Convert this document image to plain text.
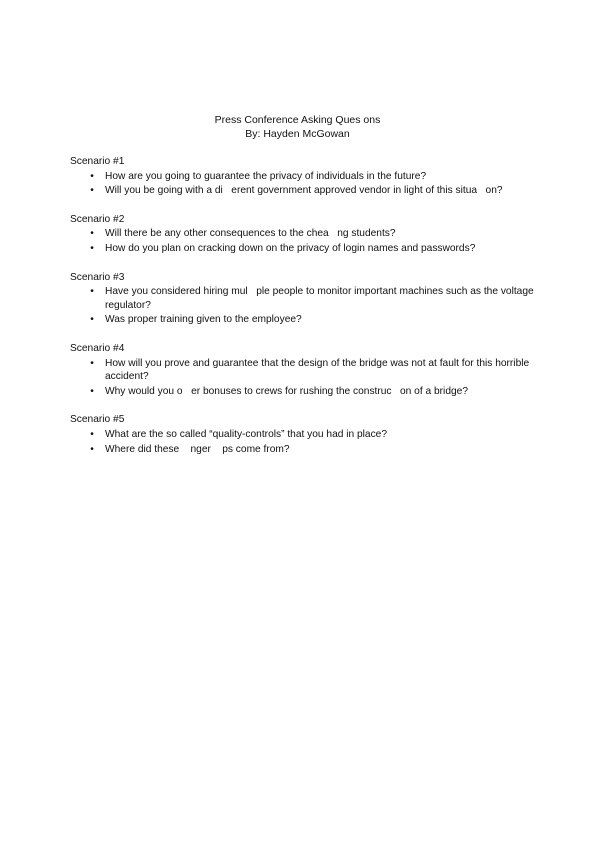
Press Conference Asking Ques ons
By: Hayden McGowan
Scenario #1
• How are you going to guarantee the privacy of individuals in the future?
• Will you be going with a di   erent government approved vendor in light of this situa   on?
Scenario #2
• Will there be any other consequences to the chea   ng students?
• How do you plan on cracking down on the privacy of login names and passwords?
Scenario #3
• Have you considered hiring mul   ple people to monitor important machines such as the voltage regulator?
• Was proper training given to the employee?
Scenario #4
• How will you prove and guarantee that the design of the bridge was not at fault for this horrible accident?
• Why would you o   er bonuses to crews for rushing the construc   on of a bridge?
Scenario #5
• What are the so called “quality-controls” that you had in place?
• Where did these    nger    ps come from?
